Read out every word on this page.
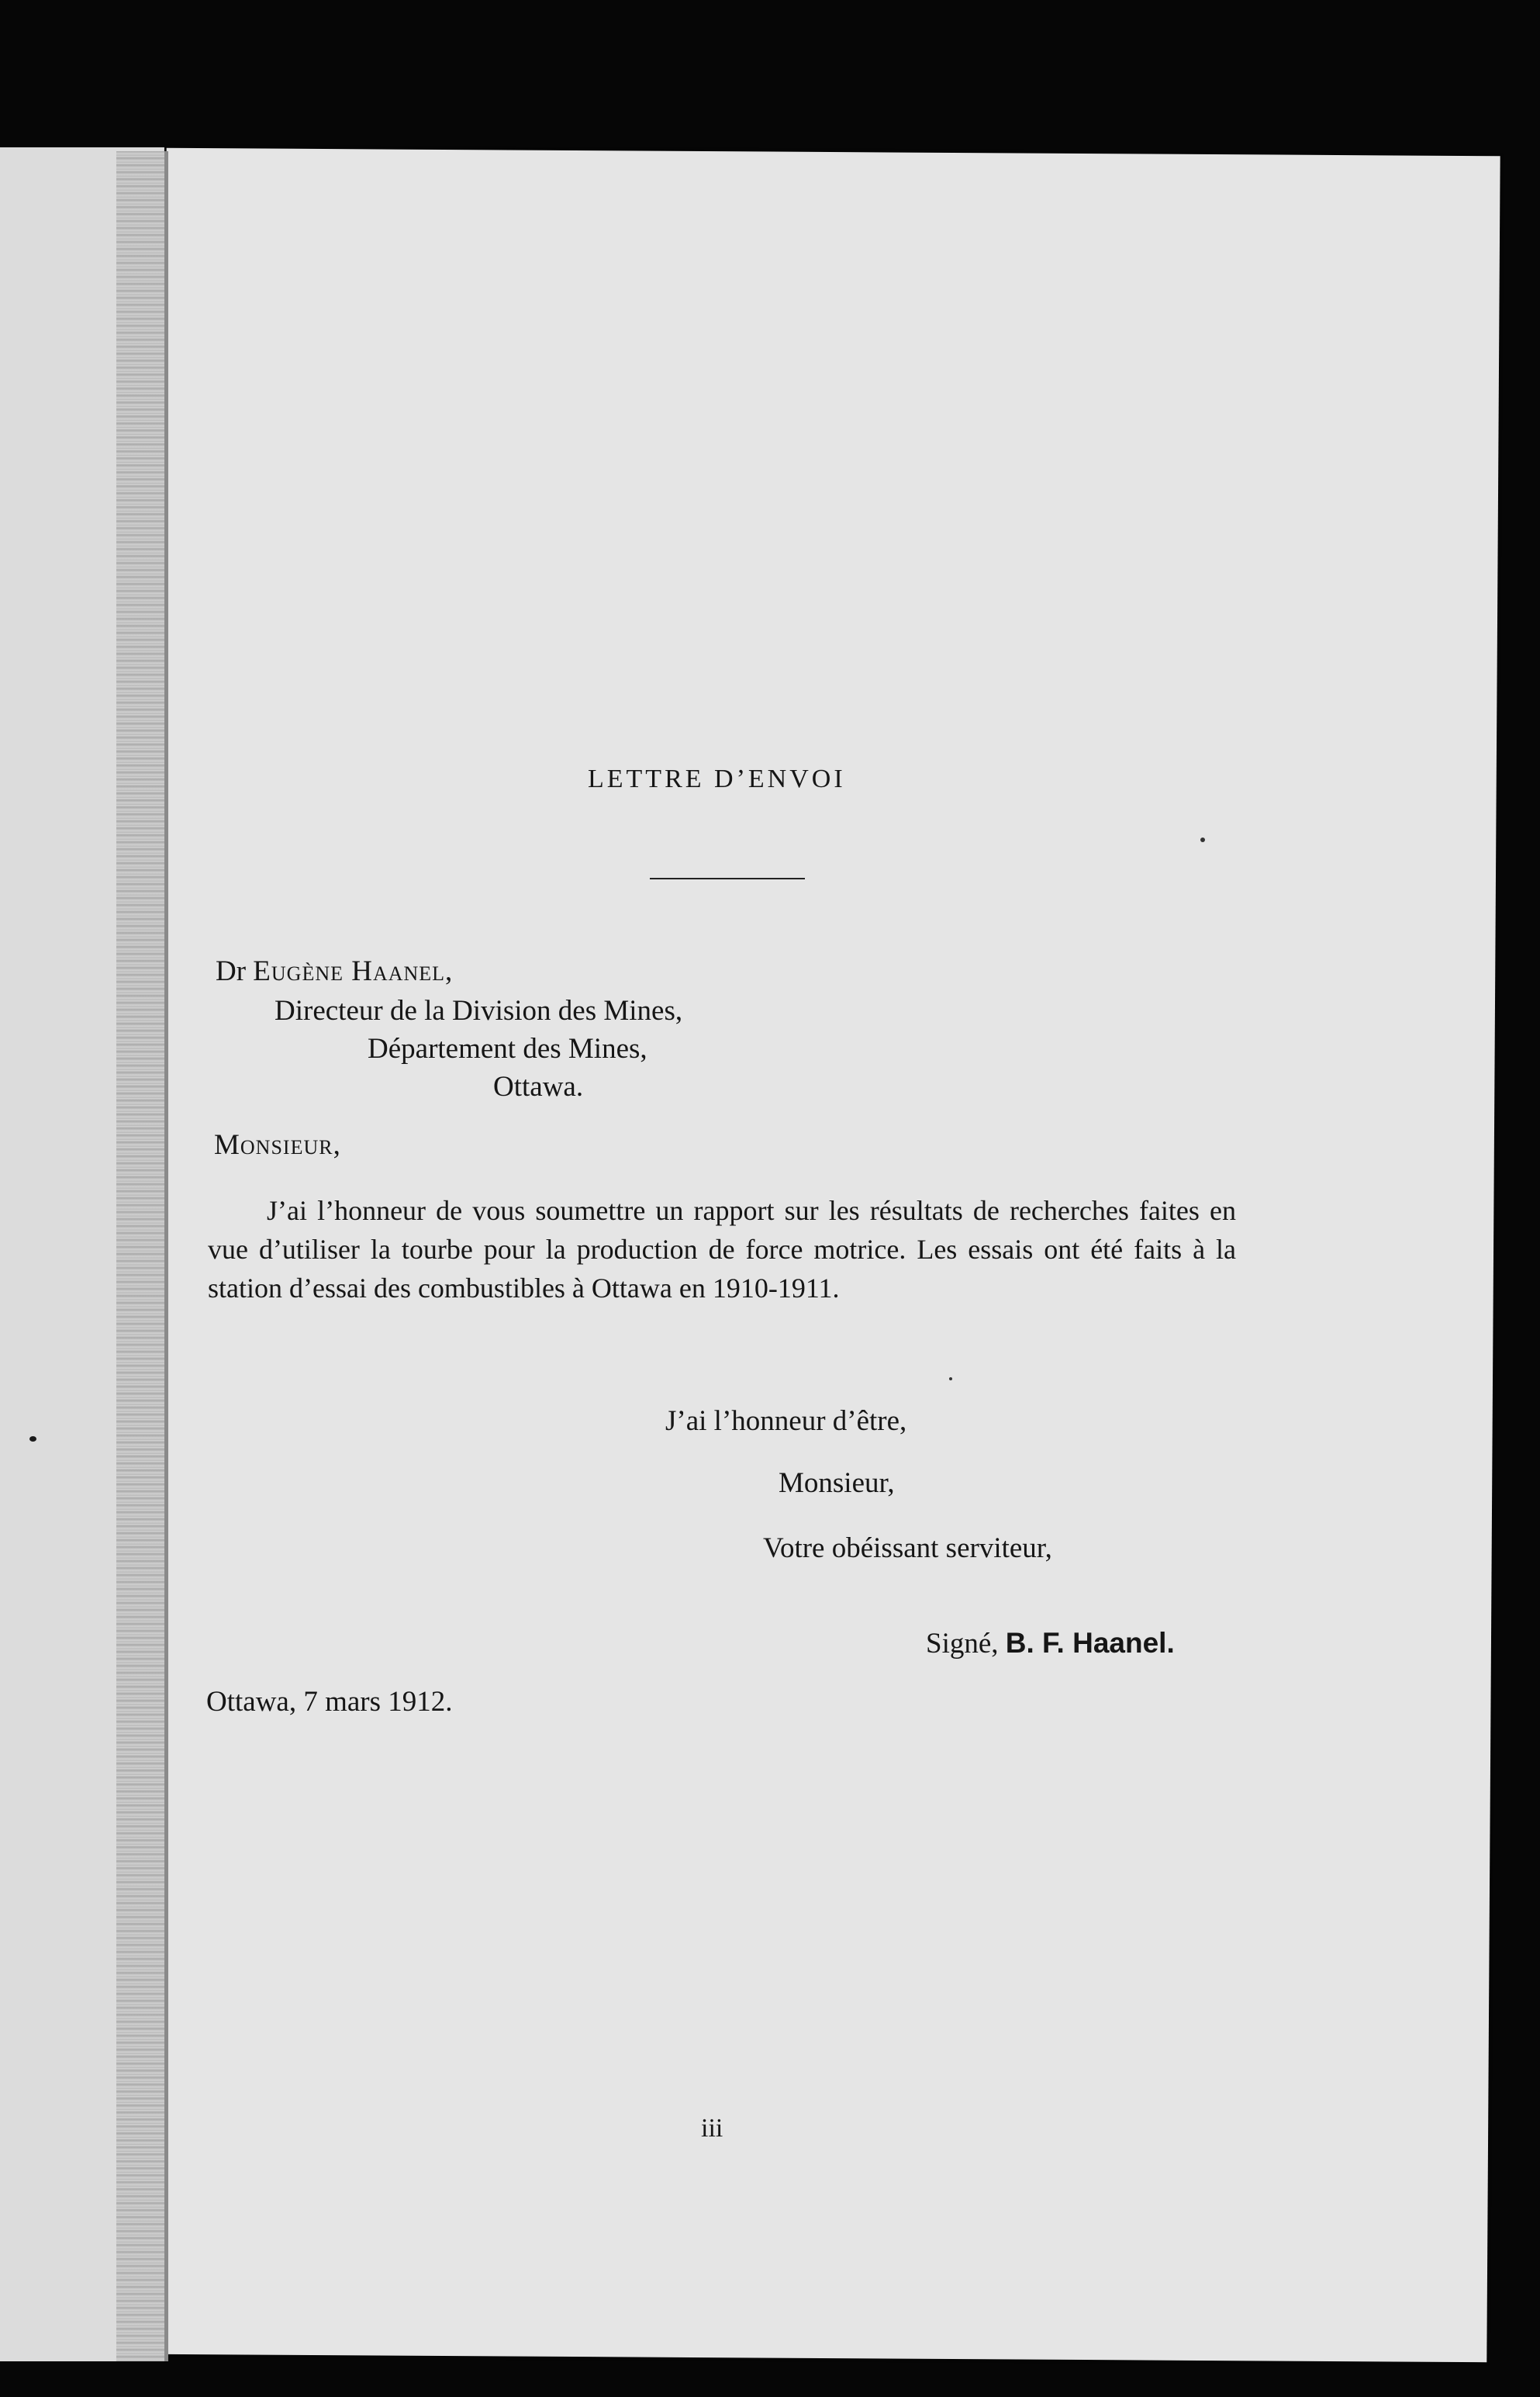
LETTRE D’ENVOI
Dr Eugène Haanel,
Directeur de la Division des Mines,
Département des Mines,
Ottawa.
Monsieur,
J’ai l’honneur de vous soumettre un rapport sur les résultats de recherches faites en vue d’utiliser la tourbe pour la production de force motrice. Les essais ont été faits à la station d’essai des combustibles à Ottawa en 1910-1911.
J’ai l’honneur d’être,
Monsieur,
Votre obéissant serviteur,
Signé, B. F. Haanel.
Ottawa, 7 mars 1912.
iii
